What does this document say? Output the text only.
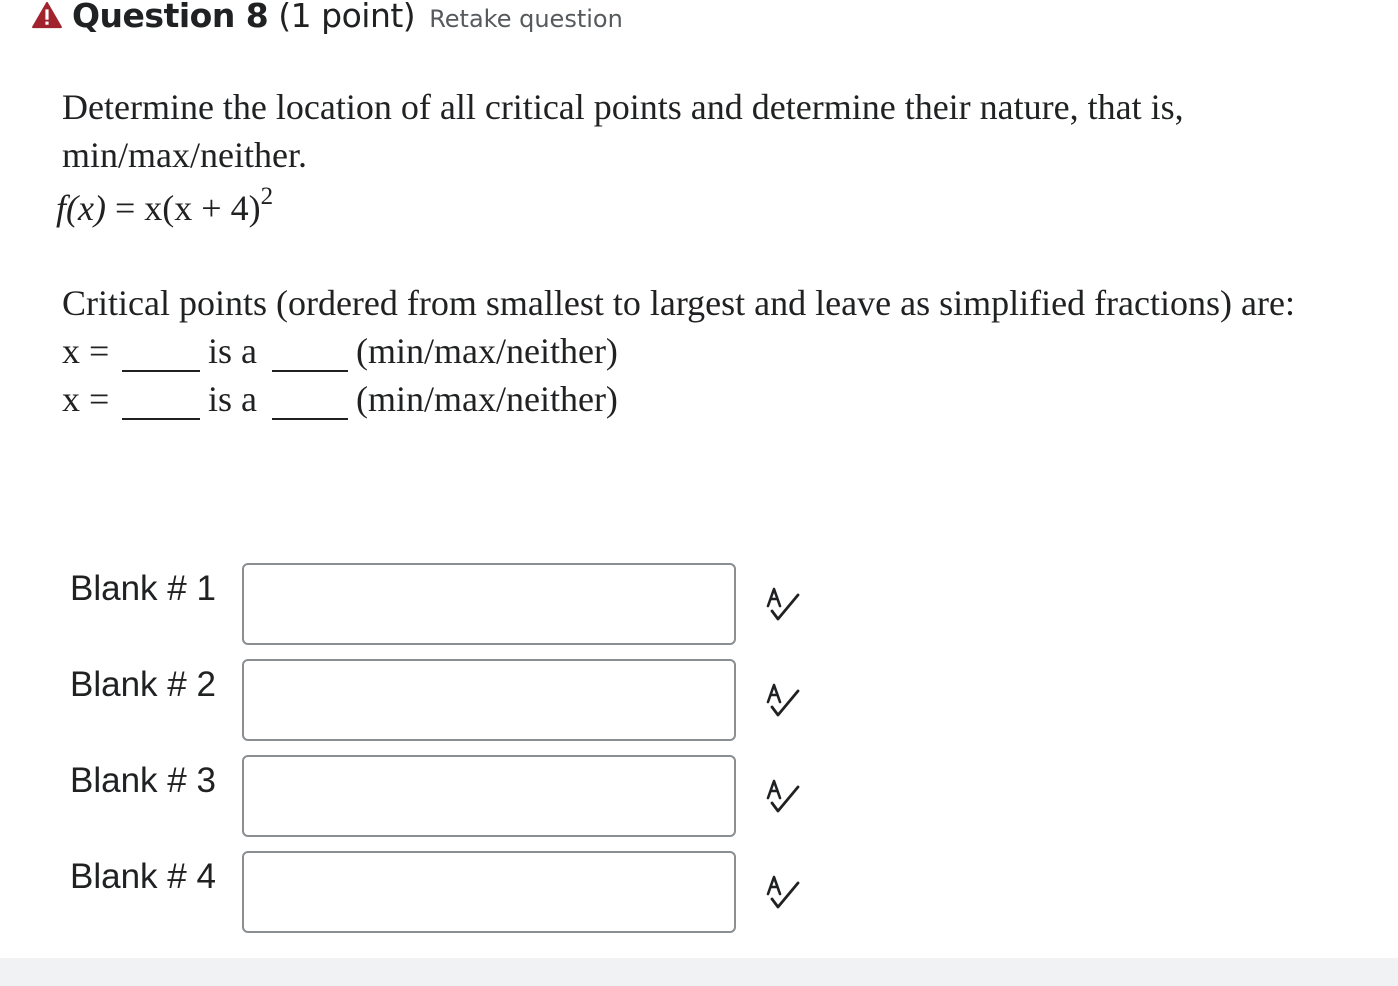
Question 8 (1 point) Retake question
Determine the location of all critical points and determine their nature, that is,
min/max/neither.
$f(x) = x(x + 4)^2$
Critical points (ordered from smallest to largest and leave as simplified fractions) are:
x =	is a	(min/max/neither)
x =	is a	(min/max/neither)
Blank # 1
Blank # 2
Blank # 3
Blank # 4
